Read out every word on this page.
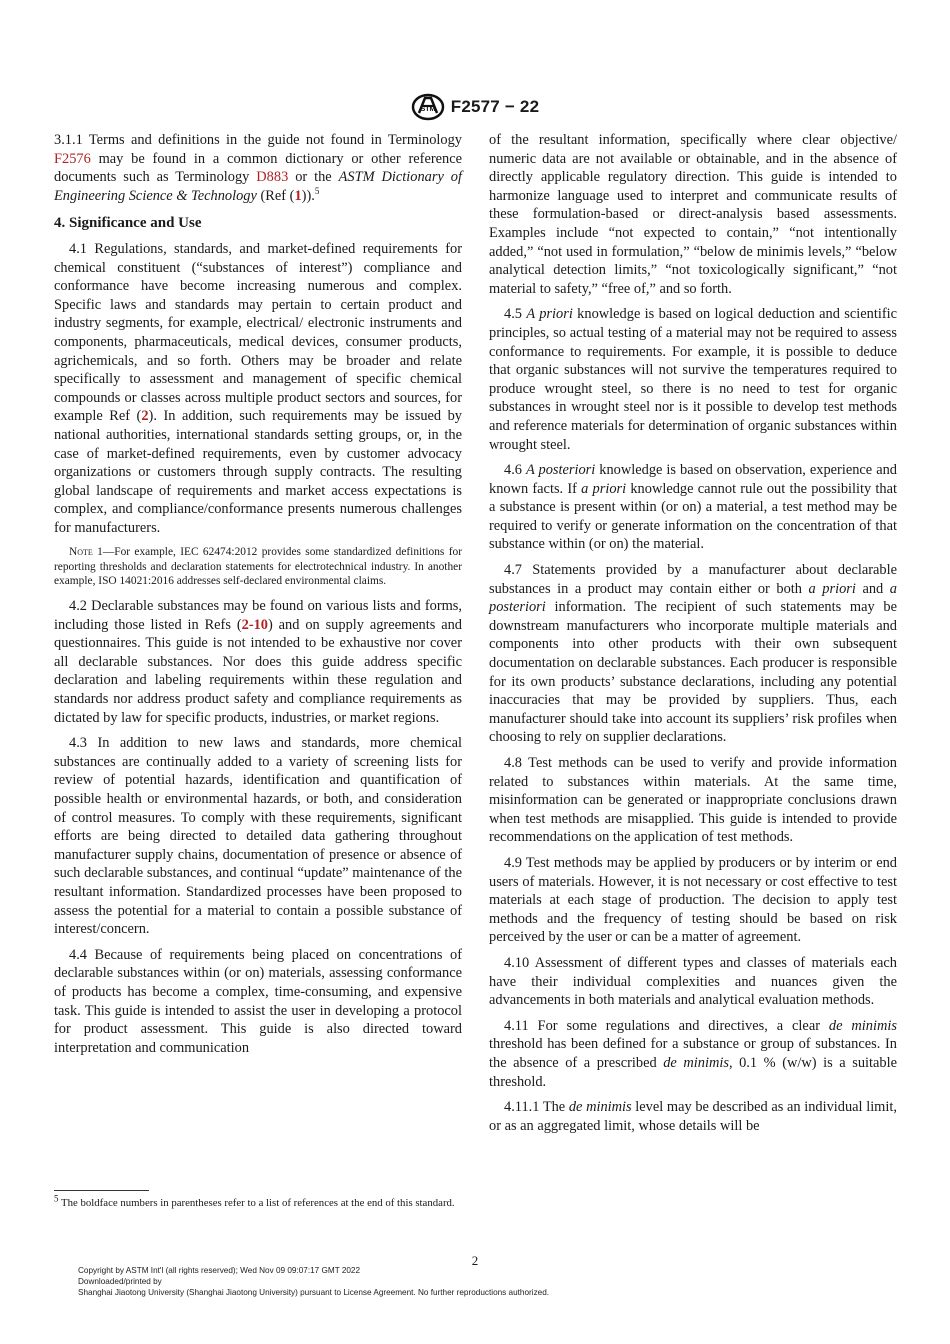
STM F2577 − 22

3.1.1 Terms and definitions in the guide not found in Terminology F2576 may be found in a common dictionary or other reference documents such as Terminology D883 or the ASTM Dictionary of Engineering Science & Technology (Ref (1)).$^5$

4. Significance and Use

4.1 Regulations, standards, and market-defined requirements for chemical constituent (“substances of interest”) compliance and conformance have become increasing numerous and complex. Specific laws and standards may pertain to certain product and industry segments, for example, electrical/ electronic instruments and components, pharmaceuticals, medical devices, consumer products, agrichemicals, and so forth. Others may be broader and relate specifically to assessment and management of specific chemical compounds or classes across multiple product sectors and sources, for example Ref (2). In addition, such requirements may be issued by national authorities, international standards setting groups, or, in the case of market-defined requirements, even by customer advocacy organizations or customers through supply contracts. The resulting global landscape of requirements and market access expectations is complex, and compliance/conformance presents numerous challenges for manufacturers.

Note 1—For example, IEC 62474:2012 provides some standardized definitions for reporting thresholds and declaration statements for electrotechnical industry. In another example, ISO 14021:2016 addresses self-declared environmental claims.

4.2 Declarable substances may be found on various lists and forms, including those listed in Refs (2-10) and on supply agreements and questionnaires. This guide is not intended to be exhaustive nor cover all declarable substances. Nor does this guide address specific declaration and labeling requirements within these regulation and standards nor address product safety and compliance requirements as dictated by law for specific products, industries, or market regions.

4.3 In addition to new laws and standards, more chemical substances are continually added to a variety of screening lists for review of potential hazards, identification and quantification of possible health or environmental hazards, or both, and consideration of control measures. To comply with these requirements, significant efforts are being directed to detailed data gathering throughout manufacturer supply chains, documentation of presence or absence of such declarable substances, and continual “update” maintenance of the resultant information. Standardized processes have been proposed to assess the potential for a material to contain a possible substance of interest/concern.

4.4 Because of requirements being placed on concentrations of declarable substances within (or on) materials, assessing conformance of products has become a complex, time-consuming, and expensive task. This guide is intended to assist the user in developing a protocol for product assessment. This guide is also directed toward interpretation and communication

of the resultant information, specifically where clear objective/ numeric data are not available or obtainable, and in the absence of directly applicable regulatory direction. This guide is intended to harmonize language used to interpret and communicate results of these formulation-based or direct-analysis based assessments. Examples include “not expected to contain,” “not intentionally added,” “not used in formulation,” “below de minimis levels,” “below analytical detection limits,” “not toxicologically significant,” “not material to safety,” “free of,” and so forth.

4.5 A priori knowledge is based on logical deduction and scientific principles, so actual testing of a material may not be required to assess conformance to requirements. For example, it is possible to deduce that organic substances will not survive the temperatures required to produce wrought steel, so there is no need to test for organic substances in wrought steel nor is it possible to develop test methods and reference materials for determination of organic substances within wrought steel.

4.6 A posteriori knowledge is based on observation, experience and known facts. If a priori knowledge cannot rule out the possibility that a substance is present within (or on) a material, a test method may be required to verify or generate information on the concentration of that substance within (or on) the material.

4.7 Statements provided by a manufacturer about declarable substances in a product may contain either or both a priori and a posteriori information. The recipient of such statements may be downstream manufacturers who incorporate multiple materials and components into other products with their own subsequent documentation on declarable substances. Each producer is responsible for its own products’ substance declarations, including any potential inaccuracies that may be provided by suppliers. Thus, each manufacturer should take into account its suppliers’ risk profiles when choosing to rely on supplier declarations.

4.8 Test methods can be used to verify and provide information related to substances within materials. At the same time, misinformation can be generated or inappropriate conclusions drawn when test methods are misapplied. This guide is intended to provide recommendations on the application of test methods.

4.9 Test methods may be applied by producers or by interim or end users of materials. However, it is not necessary or cost effective to test materials at each stage of production. The decision to apply test methods and the frequency of testing should be based on risk perceived by the user or can be a matter of agreement.

4.10 Assessment of different types and classes of materials each have their individual complexities and nuances given the advancements in both materials and analytical evaluation methods.

4.11 For some regulations and directives, a clear de minimis threshold has been defined for a substance or group of substances. In the absence of a prescribed de minimis, 0.1 % (w/w) is a suitable threshold.

4.11.1 The de minimis level may be described as an individual limit, or as an aggregated limit, whose details will be

$^5$ The boldface numbers in parentheses refer to a list of references at the end of this standard.
2
Copyright by ASTM Int'l (all rights reserved); Wed Nov 09 09:07:17 GMT 2022
Downloaded/printed by
Shanghai Jiaotong University (Shanghai Jiaotong University) pursuant to License Agreement. No further reproductions authorized.
